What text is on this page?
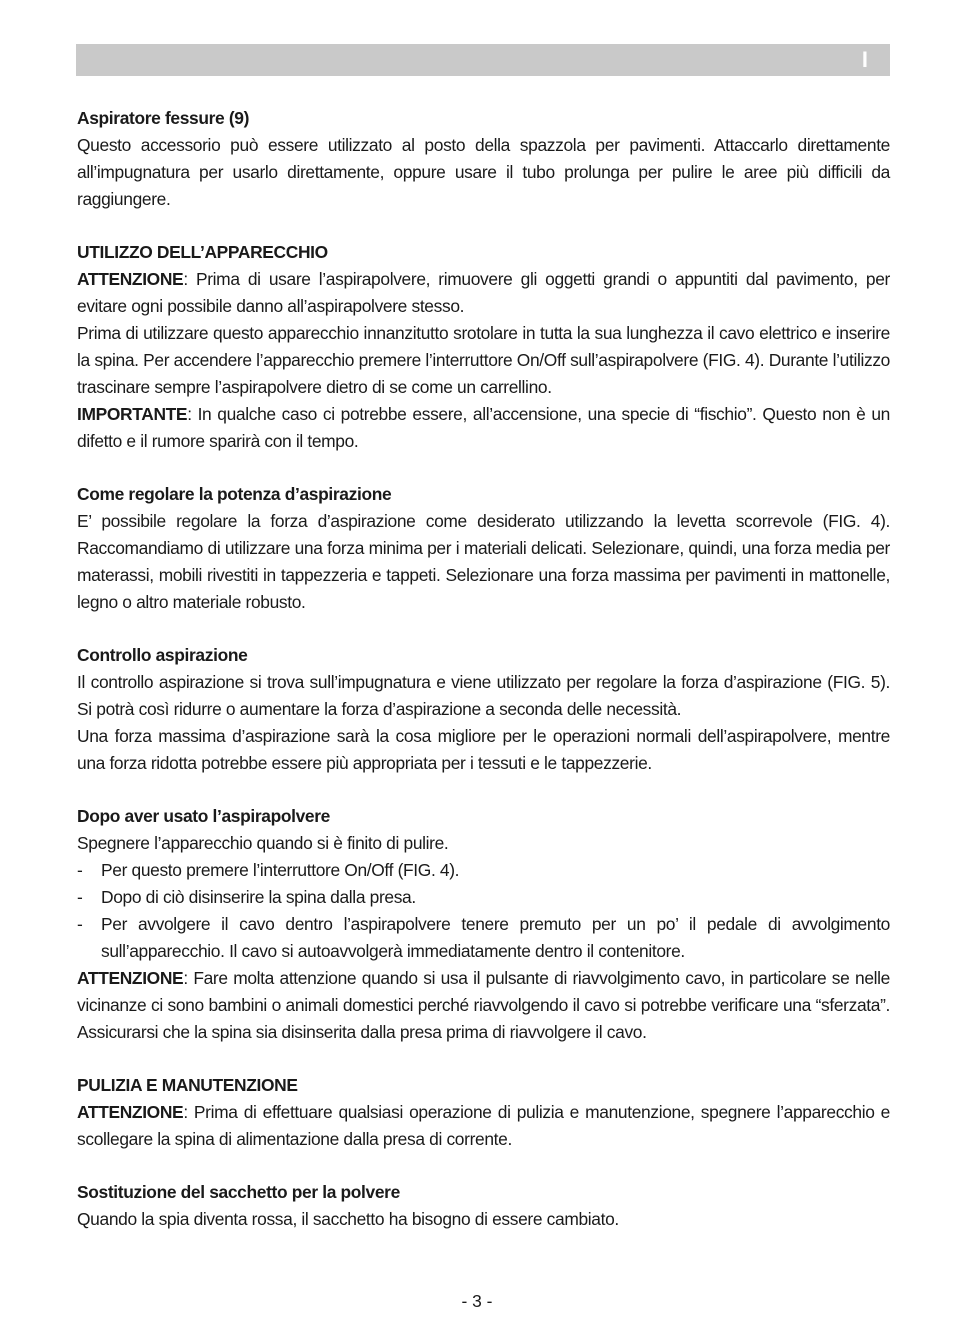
I
Aspiratore fessure (9)

Questo accessorio può essere utilizzato al posto della spazzola per pavimenti. Attaccarlo direttamente all’impugnatura per usarlo direttamente, oppure usare il tubo prolunga per pulire le aree più difficili da raggiungere.

UTILIZZO DELL’APPARECCHIO

ATTENZIONE: Prima di usare l’aspirapolvere, rimuovere gli oggetti grandi o appuntiti dal pavimento, per evitare ogni possibile danno all’aspirapolvere stesso.

Prima di utilizzare questo apparecchio innanzitutto srotolare in tutta la sua lunghezza il cavo elettrico e inserire la spina. Per accendere l’apparecchio premere l’interruttore On/Off sull’aspirapolvere (FIG. 4). Durante l’utilizzo trascinare sempre l’aspirapolvere dietro di se come un carrellino.

IMPORTANTE: In qualche caso ci potrebbe essere, all’accensione, una specie di “fischio”. Questo non è un difetto e il rumore sparirà con il tempo.

Come regolare la potenza d’aspirazione

E’ possibile regolare la forza d’aspirazione come desiderato utilizzando la levetta scorrevole (FIG. 4). Raccomandiamo di utilizzare una forza minima per i materiali delicati. Selezionare, quindi, una forza media per materassi, mobili rivestiti in tappezzeria e tappeti. Selezionare una forza massima per pavimenti in mattonelle, legno o altro materiale robusto.

Controllo aspirazione

Il controllo aspirazione si trova sull’impugnatura e viene utilizzato per regolare la forza d’aspirazione (FIG. 5). Si potrà così ridurre o aumentare la forza d’aspirazione a seconda delle necessità.

Una forza massima d’aspirazione sarà la cosa migliore per le operazioni normali dell’aspirapolvere, mentre una forza ridotta potrebbe essere più appropriata per i tessuti e le tappezzerie.

Dopo aver usato l’aspirapolvere

Spegnere l’apparecchio quando si è finito di pulire.

- Per questo premere l’interruttore On/Off (FIG. 4).
- Dopo di ciò disinserire la spina dalla presa.
- Per avvolgere il cavo dentro l’aspirapolvere tenere premuto per un po’ il pedale di avvolgimento sull’apparecchio. Il cavo si autoavvolgerà immediatamente dentro il contenitore.

ATTENZIONE: Fare molta attenzione quando si usa il pulsante di riavvolgimento cavo, in particolare se nelle vicinanze ci sono bambini o animali domestici perché riavvolgendo il cavo si potrebbe verificare una “sferzata”. Assicurarsi che la spina sia disinserita dalla presa prima di riavvolgere il cavo.

PULIZIA E MANUTENZIONE

ATTENZIONE: Prima di effettuare qualsiasi operazione di pulizia e manutenzione, spegnere l’apparecchio e scollegare la spina di alimentazione dalla presa di corrente.

Sostituzione del sacchetto per la polvere

Quando la spia diventa rossa, il sacchetto ha bisogno di essere cambiato.

- 3 -
